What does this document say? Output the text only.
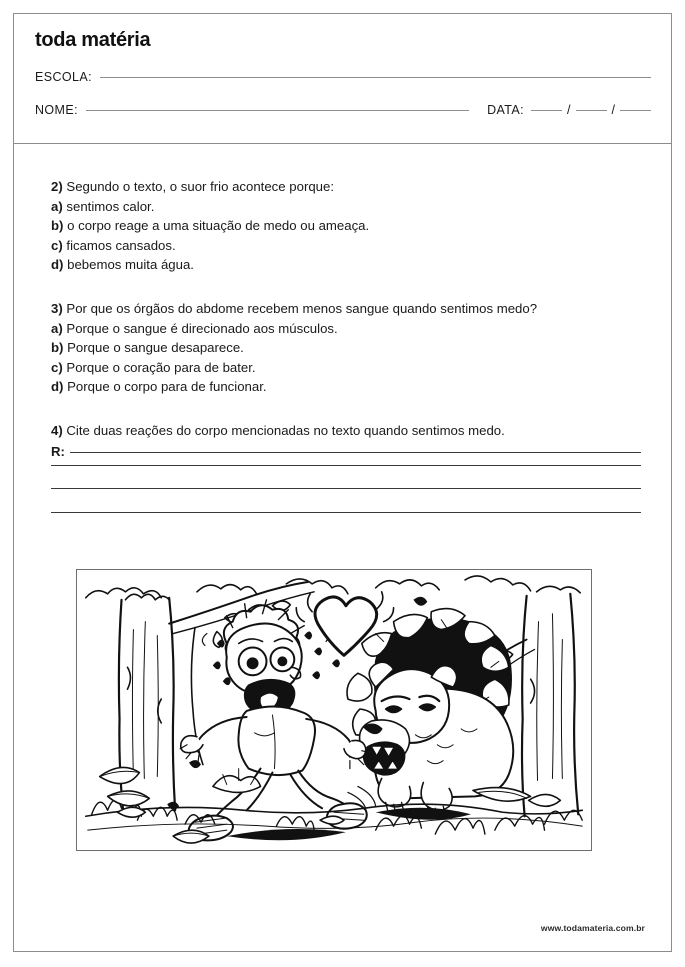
toda matéria
ESCOLA:
NOME:	DATA:	/	/
2) Segundo o texto, o suor frio acontece porque:
a) sentimos calor.
b) o corpo reage a uma situação de medo ou ameaça.
c) ficamos cansados.
d) bebemos muita água.
3) Por que os órgãos do abdome recebem menos sangue quando sentimos medo?
a) Porque o sangue é direcionado aos músculos.
b) Porque o sangue desaparece.
c) Porque o coração para de bater.
d) Porque o corpo para de funcionar.
4) Cite duas reações do corpo mencionadas no texto quando sentimos medo.
R:
www.todamateria.com.br
